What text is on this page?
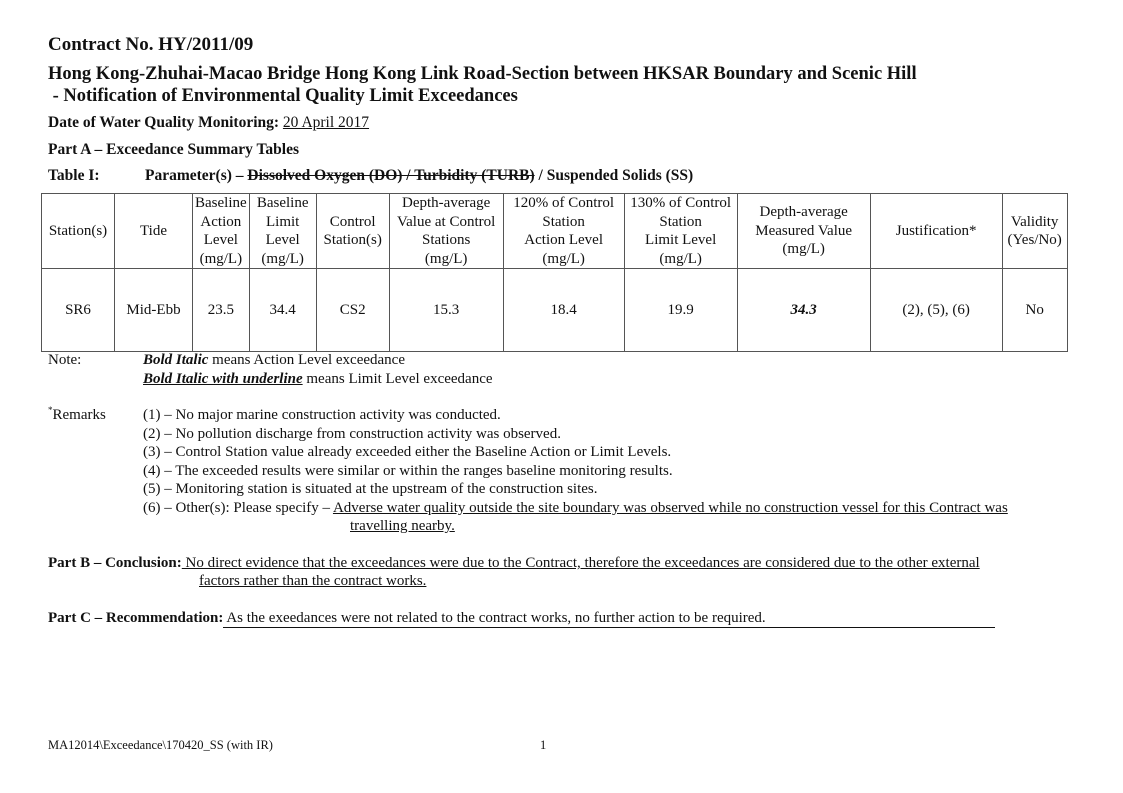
Contract No. HY/2011/09
Hong Kong-Zhuhai-Macao Bridge Hong Kong Link Road-Section between HKSAR Boundary and Scenic Hill
- Notification of Environmental Quality Limit Exceedances
Date of Water Quality Monitoring: 20 April 2017
Part A – Exceedance Summary Tables
Table I:	Parameter(s) – Dissolved Oxygen (DO) / Turbidity (TURB) / Suspended Solids (SS)
Station(s)	Tide	Baseline
Action
Level
(mg/L)	Baseline
Limit
Level
(mg/L)	Control
Station(s)	Depth-average
Value at Control
Stations
(mg/L)	120% of Control
Station
Action Level
(mg/L)	130% of Control
Station
Limit Level
(mg/L)	Depth-average
Measured Value
(mg/L)	Justification*	Validity
(Yes/No)
SR6	Mid-Ebb	23.5	34.4	CS2	15.3	18.4	19.9	34.3	(2), (5), (6)	No
Note:	Bold Italic means Action Level exceedance
Bold Italic with underline means Limit Level exceedance
*Remarks (1) – No major marine construction activity was conducted.
(2) – No pollution discharge from construction activity was observed.
(3) – Control Station value already exceeded either the Baseline Action or Limit Levels.
(4) – The exceeded results were similar or within the ranges baseline monitoring results.
(5) – Monitoring station is situated at the upstream of the construction sites.
(6) – Other(s): Please specify – Adverse water quality outside the site boundary was observed while no construction vessel for this Contract was
travelling nearby.
Part B – Conclusion: No direct evidence that the exceedances were due to the Contract, therefore the exceedances are considered due to the other external
factors rather than the contract works.
Part C – Recommendation: As the exeedances were not related to the contract works, no further action to be required.
MA12014\Exceedance\170420_SS (with IR)	1
